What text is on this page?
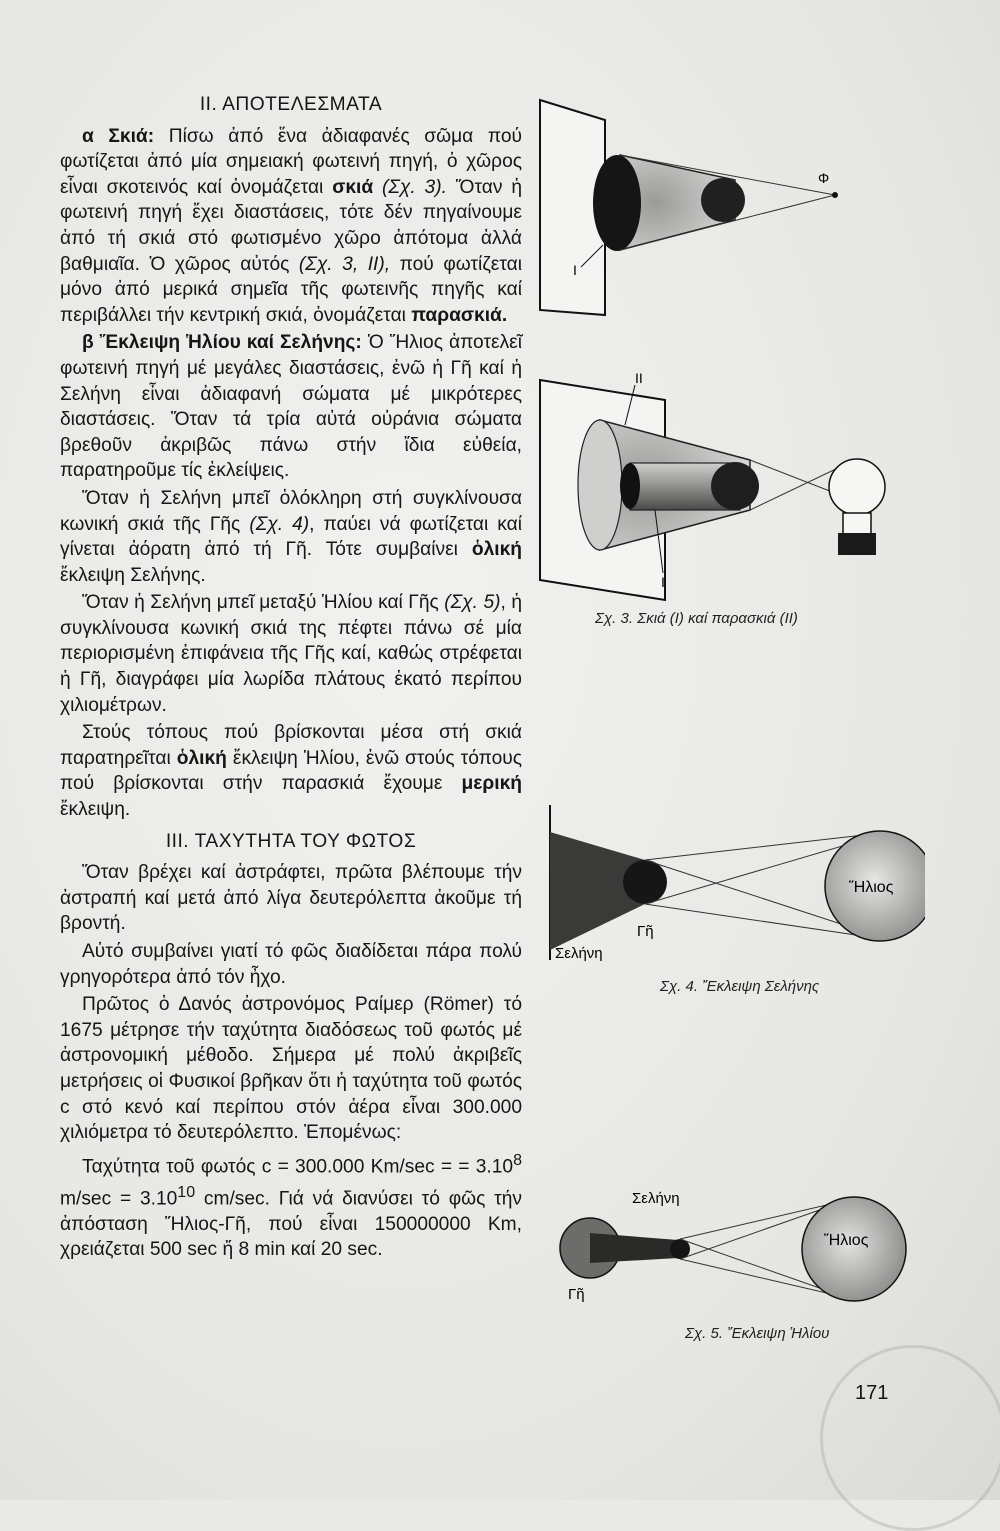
ΙΙ. ΑΠΟΤΕΛΕΣΜΑΤΑ

α Σκιά: Πίσω ἀπό ἕνα ἀδιαφανές σῶμα πού φωτίζεται ἀπό μία σημειακή φωτεινή πηγή, ὁ χῶρος εἶναι σκοτεινός καί ὀνομάζεται σκιά (Σχ. 3). Ὅταν ἡ φωτεινή πηγή ἔχει διαστάσεις, τότε δέν πηγαίνουμε ἀπό τή σκιά στό φωτισμένο χῶρο ἀπότομα ἀλλά βαθμιαῖα. Ὁ χῶρος αὐτός (Σχ. 3, II), πού φωτίζεται μόνο ἀπό μερικά σημεῖα τῆς φωτεινῆς πηγῆς καί περιβάλλει τήν κεντρική σκιά, ὀνομάζεται παρασκιά.

β Ἔκλειψη Ἡλίου καί Σελήνης: Ὁ Ἥλιος ἀποτελεῖ φωτεινή πηγή μέ μεγάλες διαστάσεις, ἐνῶ ἡ Γῆ καί ἡ Σελήνη εἶναι ἀδιαφανή σώματα μέ μικρότερες διαστάσεις. Ὅταν τά τρία αὐτά οὐράνια σώματα βρεθοῦν ἀκριβῶς πάνω στήν ἴδια εὐθεία, παρατηροῦμε τίς ἐκλείψεις.

Ὅταν ἡ Σελήνη μπεῖ ὁλόκληρη στή συγκλίνουσα κωνική σκιά τῆς Γῆς (Σχ. 4), παύει νά φωτίζεται καί γίνεται ἀόρατη ἀπό τή Γῆ. Τότε συμβαίνει ὁλική ἔκλειψη Σελήνης.

Ὅταν ἡ Σελήνη μπεῖ μεταξύ Ἡλίου καί Γῆς (Σχ. 5), ἡ συγκλίνουσα κωνική σκιά της πέφτει πάνω σέ μία περιορισμένη ἐπιφάνεια τῆς Γῆς καί, καθώς στρέφεται ἡ Γῆ, διαγράφει μία λωρίδα πλάτους ἑκατό περίπου χιλιομέτρων.

Στούς τόπους πού βρίσκονται μέσα στή σκιά παρατηρεῖται ὁλική ἔκλειψη Ἡλίου, ἐνῶ στούς τόπους πού βρίσκονται στήν παρασκιά ἔχουμε μερική ἔκλειψη.

ΙΙΙ. ΤΑΧΥΤΗΤΑ ΤΟΥ ΦΩΤΟΣ

Ὅταν βρέχει καί ἀστράφτει, πρῶτα βλέπουμε τήν ἀστραπή καί μετά ἀπό λίγα δευτερόλεπτα ἀκοῦμε τή βροντή.

Αὐτό συμβαίνει γιατί τό φῶς διαδίδεται πάρα πολύ γρηγορότερα ἀπό τόν ἦχο.

Πρῶτος ὁ Δανός ἀστρονόμος Ραίμερ (Römer) τό 1675 μέτρησε τήν ταχύτητα διαδόσεως τοῦ φωτός μέ ἀστρονομική μέθοδο. Σήμερα μέ πολύ ἀκριβεῖς μετρήσεις οἱ Φυσικοί βρῆκαν ὅτι ἡ ταχύτητα τοῦ φωτός c στό κενό καί περίπου στόν ἀέρα εἶναι 300.000 χιλιόμετρα τό δευτερόλεπτο. Ἑπομένως:

Ταχύτητα τοῦ φωτός c = 300.000 Km/sec = = $3.10^8$ $m/\sec = 3.10^{10}$ cm/sec. Γιά νά διανύσει τό φῶς τήν ἀπόσταση Ἥλιος-Γῆ, πού εἶναι 150000000 Km, χρειάζεται 500 sec ἤ 8 min καί 20 sec.

Φ
I
II
I
Σχ. 3. Σκιά (I) καί παρασκιά (II)
Ἥλιος
Γῆ
Σελήνη
Σχ. 4. Ἔκλειψη Σελήνης
Ἥλιος
Σελήνη
Γῆ
Σχ. 5. Ἔκλειψη Ἡλίου
171
